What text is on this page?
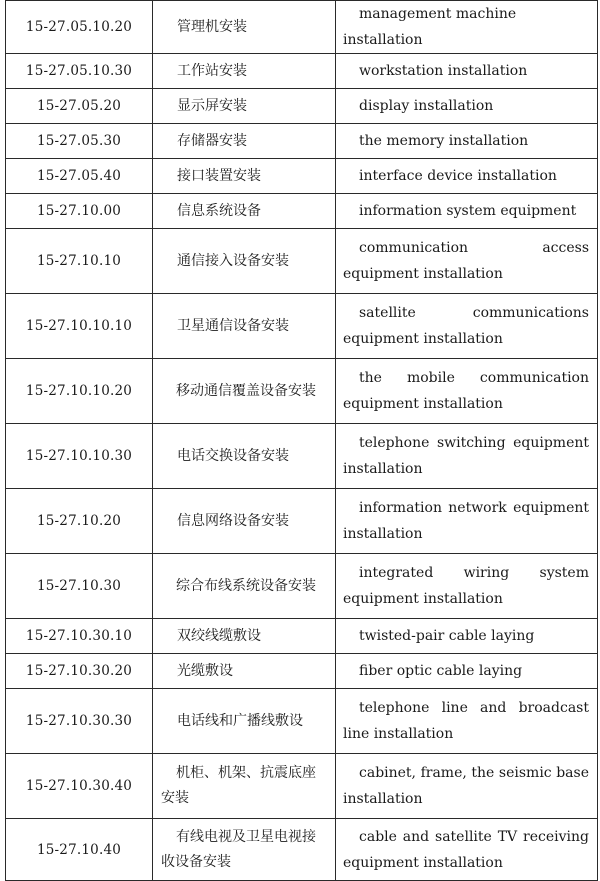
15-27.05.10.20	管理机安装	management machine installation

15-27.05.10.30	工作站安装	workstation installation

15-27.05.20	显示屏安装	display installation

15-27.05.30	存储器安装	the memory installation

15-27.05.40	接口装置安装	interface device installation

15-27.10.00	信息系统设备	information system equipment

15-27.10.10	通信接入设备安装	communication access equipment installation

15-27.10.10.10	卫星通信设备安装	satellite communications equipment installation

15-27.10.10.20	移动通信覆盖设备安装	the mobile communication equipment installation

15-27.10.10.30	电话交换设备安装	telephone switching equipment installation

15-27.10.20	信息网络设备安装	information network equipment installation

15-27.10.30	综合布线系统设备安装	integrated wiring system equipment installation

15-27.10.30.10	双绞线缆敷设	twisted-pair cable laying

15-27.10.30.20	光缆敷设	fiber optic cable laying

15-27.10.30.30	电话线和广播线敷设	telephone line and broadcast line installation

15-27.10.30.40	机柜、机架、抗震底座安装	cabinet, frame, the seismic base installation

15-27.10.40	有线电视及卫星电视接收设备安装	cable and satellite TV receiving equipment installation
